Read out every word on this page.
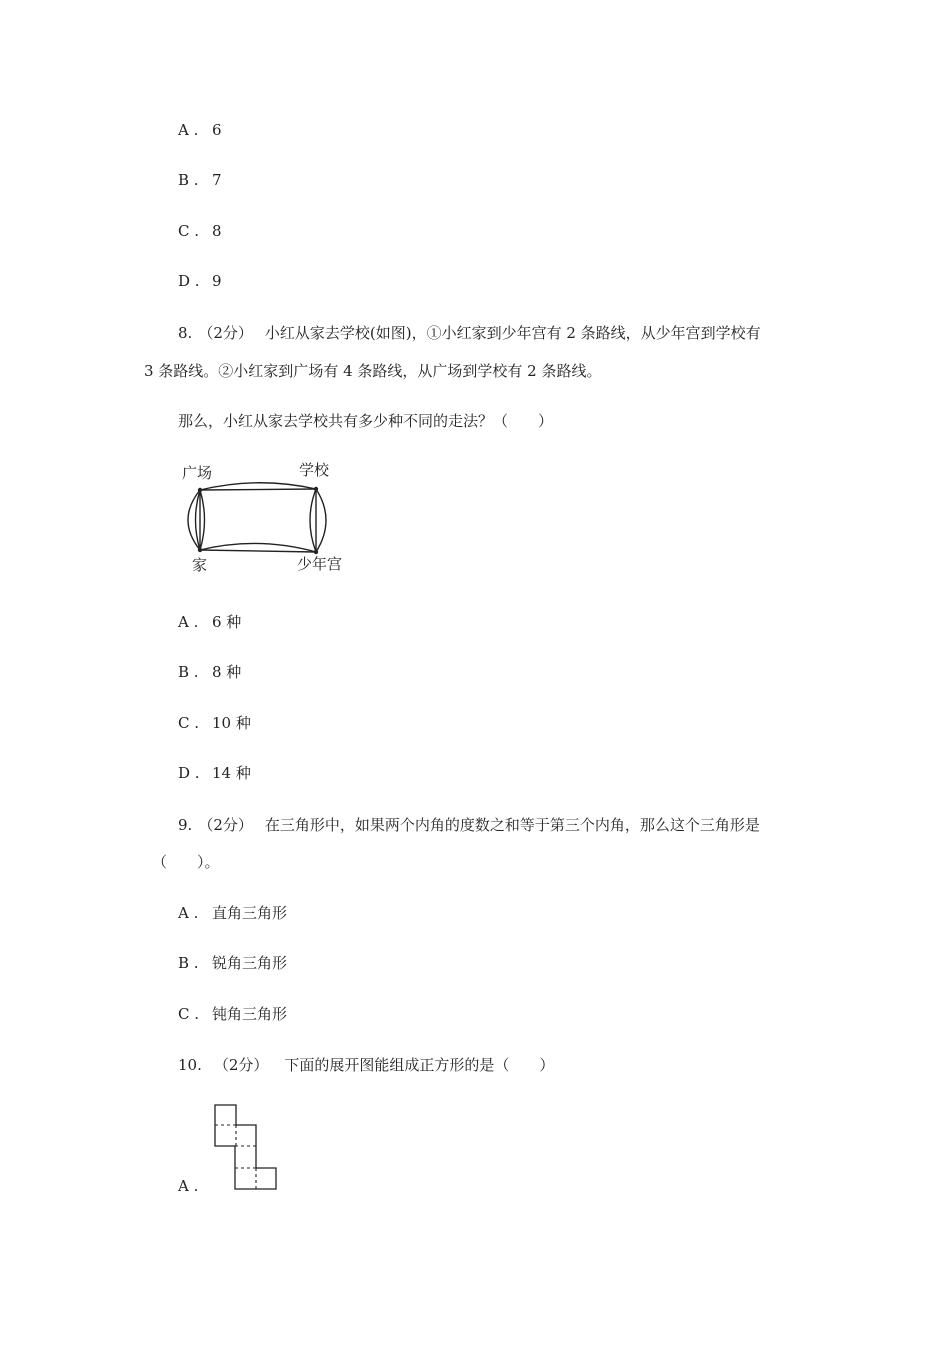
A . 6
B . 7
C . 8
D . 9
8. （2分） 小红从家去学校(如图)，①小红家到少年宫有 2 条路线，从少年宫到学校有
3 条路线。②小红家到广场有 4 条路线，从广场到学校有 2 条路线。
那么，小红从家去学校共有多少种不同的走法？（　　）
广场	学校
家	少年宫
A . 6 种
B . 8 种
C . 10 种
D . 14 种
9. （2分） 在三角形中，如果两个内角的度数之和等于第三个内角，那么这个三角形是
（　　）。
A . 直角三角形
B . 锐角三角形
C . 钝角三角形
10. （2分） 下面的展开图能组成正方形的是（　　）
A .
